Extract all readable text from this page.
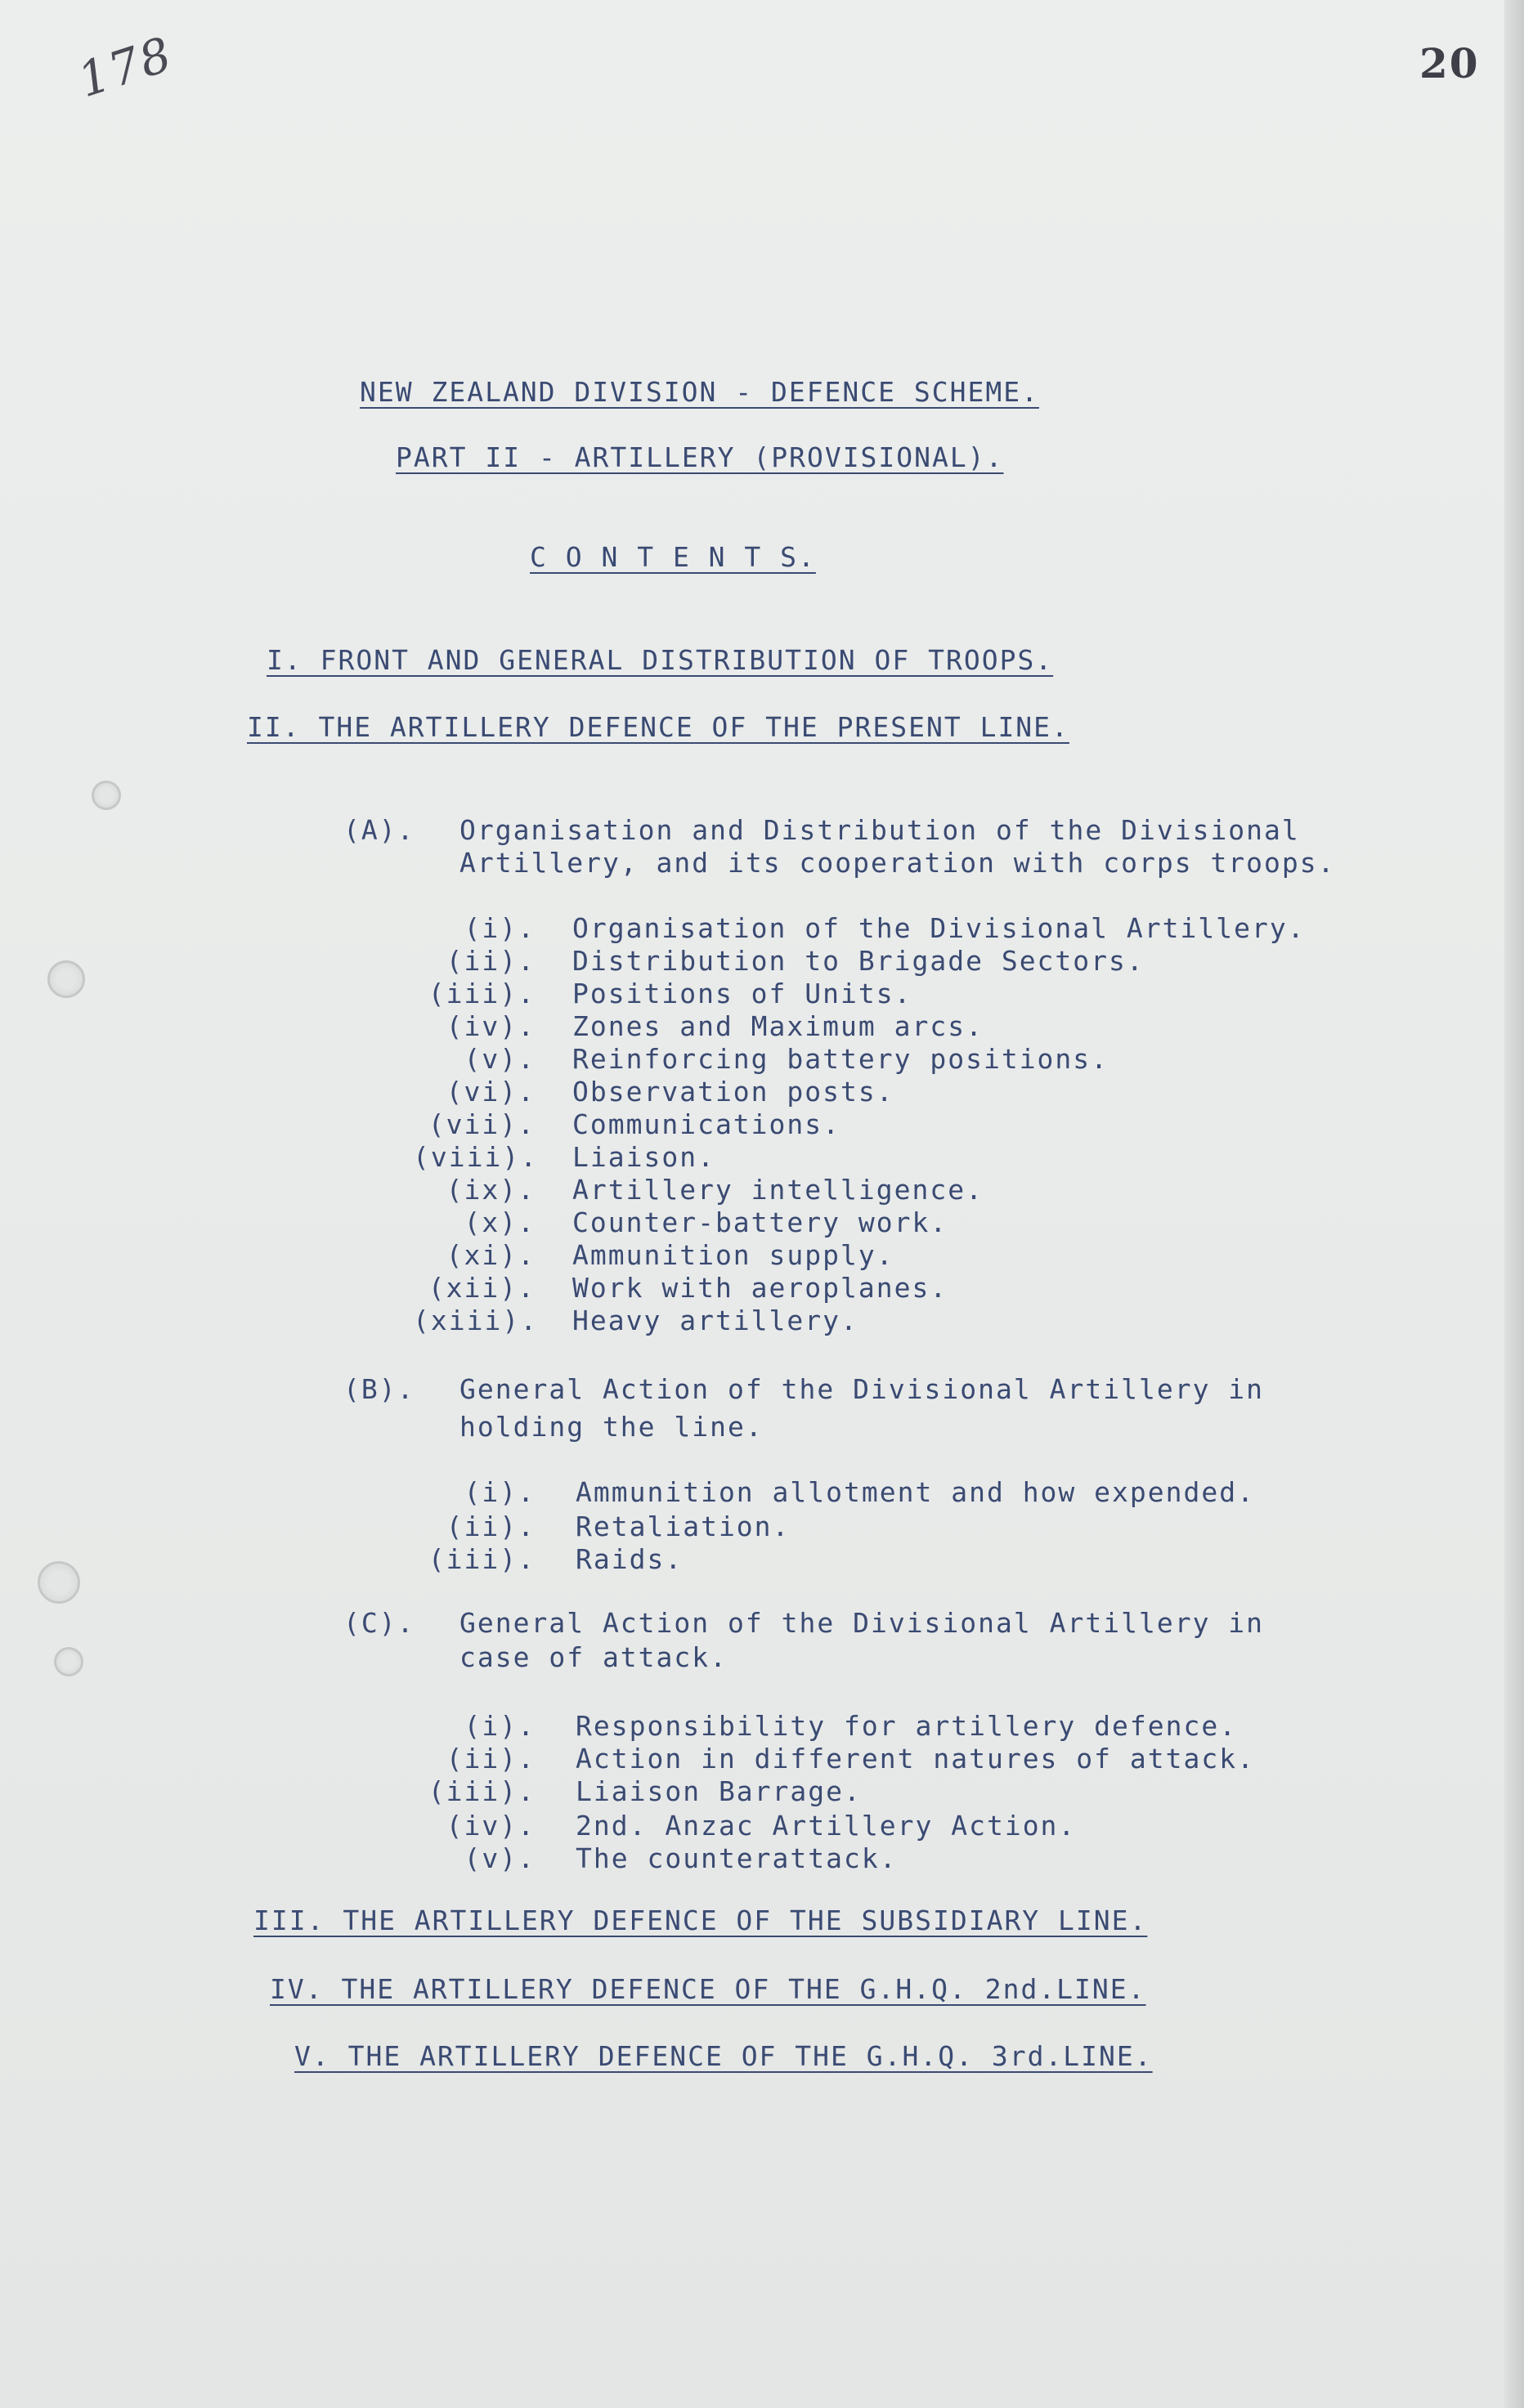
178	20
NEW ZEALAND DIVISION - DEFENCE SCHEME.
PART II - ARTILLERY (PROVISIONAL).
C O N T E N T S.
I. FRONT AND GENERAL DISTRIBUTION OF TROOPS.
II. THE ARTILLERY DEFENCE OF THE PRESENT LINE.
(A). Organisation and Distribution of the Divisional
Artillery, and its cooperation with corps troops.
(i). Organisation of the Divisional Artillery.
(ii). Distribution to Brigade Sectors.
(iii). Positions of Units.
(iv). Zones and Maximum arcs.
(v). Reinforcing battery positions.
(vi). Observation posts.
(vii). Communications.
(viii). Liaison.
(ix). Artillery intelligence.
(x). Counter-battery work.
(xi). Ammunition supply.
(xii). Work with aeroplanes.
(xiii). Heavy artillery.
(B). General Action of the Divisional Artillery in
holding the line.
(i). Ammunition allotment and how expended.
(ii). Retaliation.
(iii). Raids.
(C). General Action of the Divisional Artillery in
case of attack.
(i). Responsibility for artillery defence.
(ii). Action in different natures of attack.
(iii). Liaison Barrage.
(iv). 2nd. Anzac Artillery Action.
(v). The counterattack.
III. THE ARTILLERY DEFENCE OF THE SUBSIDIARY LINE.
IV. THE ARTILLERY DEFENCE OF THE G.H.Q. 2nd.LINE.
V. THE ARTILLERY DEFENCE OF THE G.H.Q. 3rd.LINE.
